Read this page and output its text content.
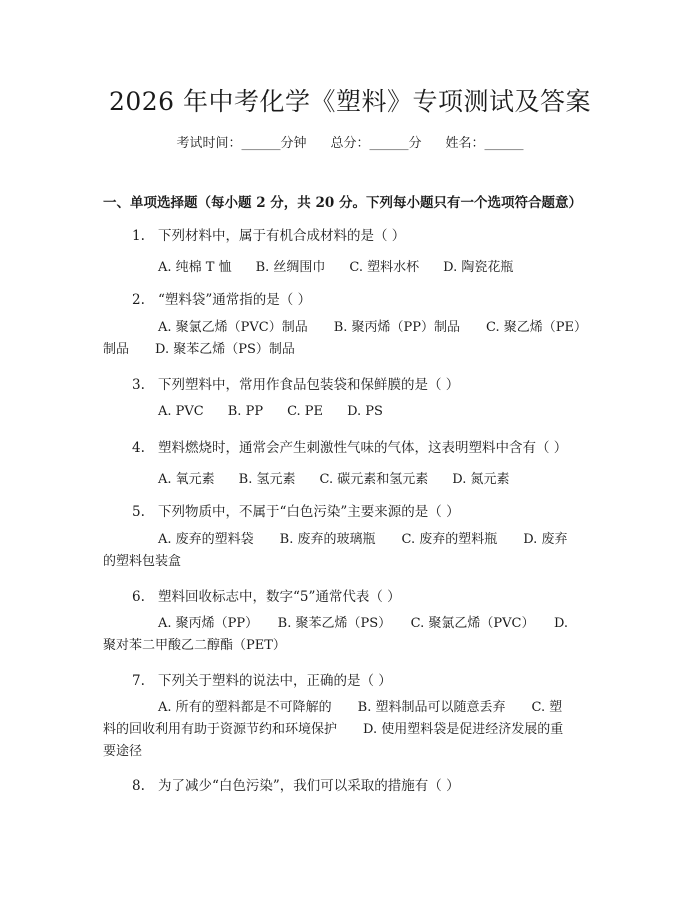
2026 年中考化学《塑料》专项测试及答案
考试时间：______分钟 总分：______分 姓名：______
一、单项选择题（每小题 2 分，共 20 分。下列每小题只有一个选项符合题意）
1. 下列材料中，属于有机合成材料的是（ ）
A. 纯棉 T 恤 B. 丝绸围巾 C. 塑料水杯 D. 陶瓷花瓶
2. “塑料袋”通常指的是（ ）
A. 聚氯乙烯（PVC）制品　　B. 聚丙烯（PP）制品　　C. 聚乙烯（PE）
制品　　D. 聚苯乙烯（PS）制品
3. 下列塑料中，常用作食品包装袋和保鲜膜的是（ ）
A. PVC B. PP C. PE D. PS
4. 塑料燃烧时，通常会产生刺激性气味的气体，这表明塑料中含有（ ）
A. 氧元素 B. 氢元素 C. 碳元素和氢元素 D. 氮元素
5. 下列物质中，不属于“白色污染”主要来源的是（ ）
A. 废弃的塑料袋　　B. 废弃的玻璃瓶　　C. 废弃的塑料瓶　　D. 废弃
的塑料包装盒
6. 塑料回收标志中，数字“5”通常代表（ ）
A. 聚丙烯（PP）　　B. 聚苯乙烯（PS）　　C. 聚氯乙烯（PVC）　　D.
聚对苯二甲酸乙二醇酯（PET）
7. 下列关于塑料的说法中，正确的是（ ）
A. 所有的塑料都是不可降解的　　B. 塑料制品可以随意丢弃　　C. 塑
料的回收利用有助于资源节约和环境保护　　D. 使用塑料袋是促进经济发展的重
要途径
8. 为了减少“白色污染”，我们可以采取的措施有（ ）
